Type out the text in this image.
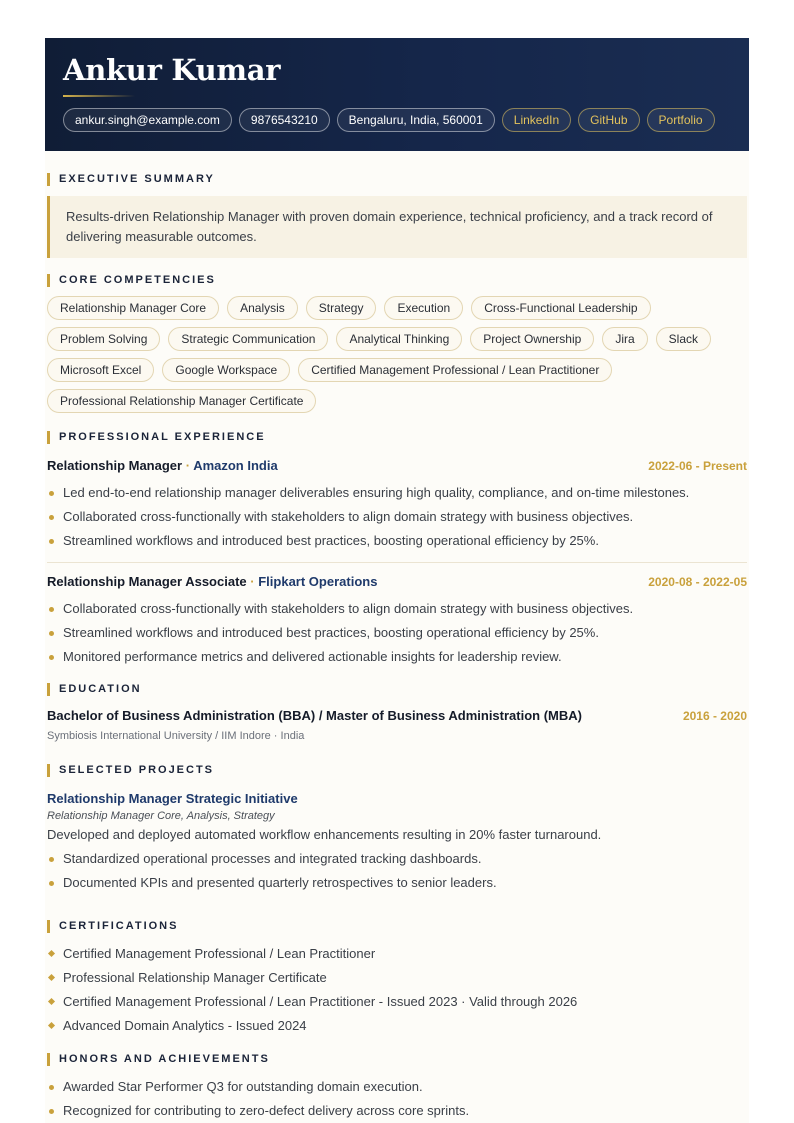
Ankur Kumar
ankur.singh@example.com	9876543210	Bengaluru, India, 560001	LinkedIn	GitHub	Portfolio
EXECUTIVE SUMMARY
Results-driven Relationship Manager with proven domain experience, technical proficiency, and a track record of delivering measurable outcomes.
CORE COMPETENCIES
Relationship Manager Core	Analysis	Strategy	Execution	Cross-Functional Leadership
Problem Solving	Strategic Communication	Analytical Thinking	Project Ownership	Jira	Slack
Microsoft Excel	Google Workspace	Certified Management Professional / Lean Practitioner
Professional Relationship Manager Certificate
PROFESSIONAL EXPERIENCE
Relationship Manager · Amazon India	2022-06 - Present
Led end-to-end relationship manager deliverables ensuring high quality, compliance, and on-time milestones.
Collaborated cross-functionally with stakeholders to align domain strategy with business objectives.
Streamlined workflows and introduced best practices, boosting operational efficiency by 25%.
Relationship Manager Associate · Flipkart Operations	2020-08 - 2022-05
Collaborated cross-functionally with stakeholders to align domain strategy with business objectives.
Streamlined workflows and introduced best practices, boosting operational efficiency by 25%.
Monitored performance metrics and delivered actionable insights for leadership review.
EDUCATION
Bachelor of Business Administration (BBA) / Master of Business Administration (MBA)	2016 - 2020
Symbiosis International University / IIM Indore · India
SELECTED PROJECTS
Relationship Manager Strategic Initiative
Relationship Manager Core, Analysis, Strategy
Developed and deployed automated workflow enhancements resulting in 20% faster turnaround.
Standardized operational processes and integrated tracking dashboards.
Documented KPIs and presented quarterly retrospectives to senior leaders.
CERTIFICATIONS
Certified Management Professional / Lean Practitioner
Professional Relationship Manager Certificate
Certified Management Professional / Lean Practitioner - Issued 2023 · Valid through 2026
Advanced Domain Analytics - Issued 2024
HONORS AND ACHIEVEMENTS
Awarded Star Performer Q3 for outstanding domain execution.
Recognized for contributing to zero-defect delivery across core sprints.
